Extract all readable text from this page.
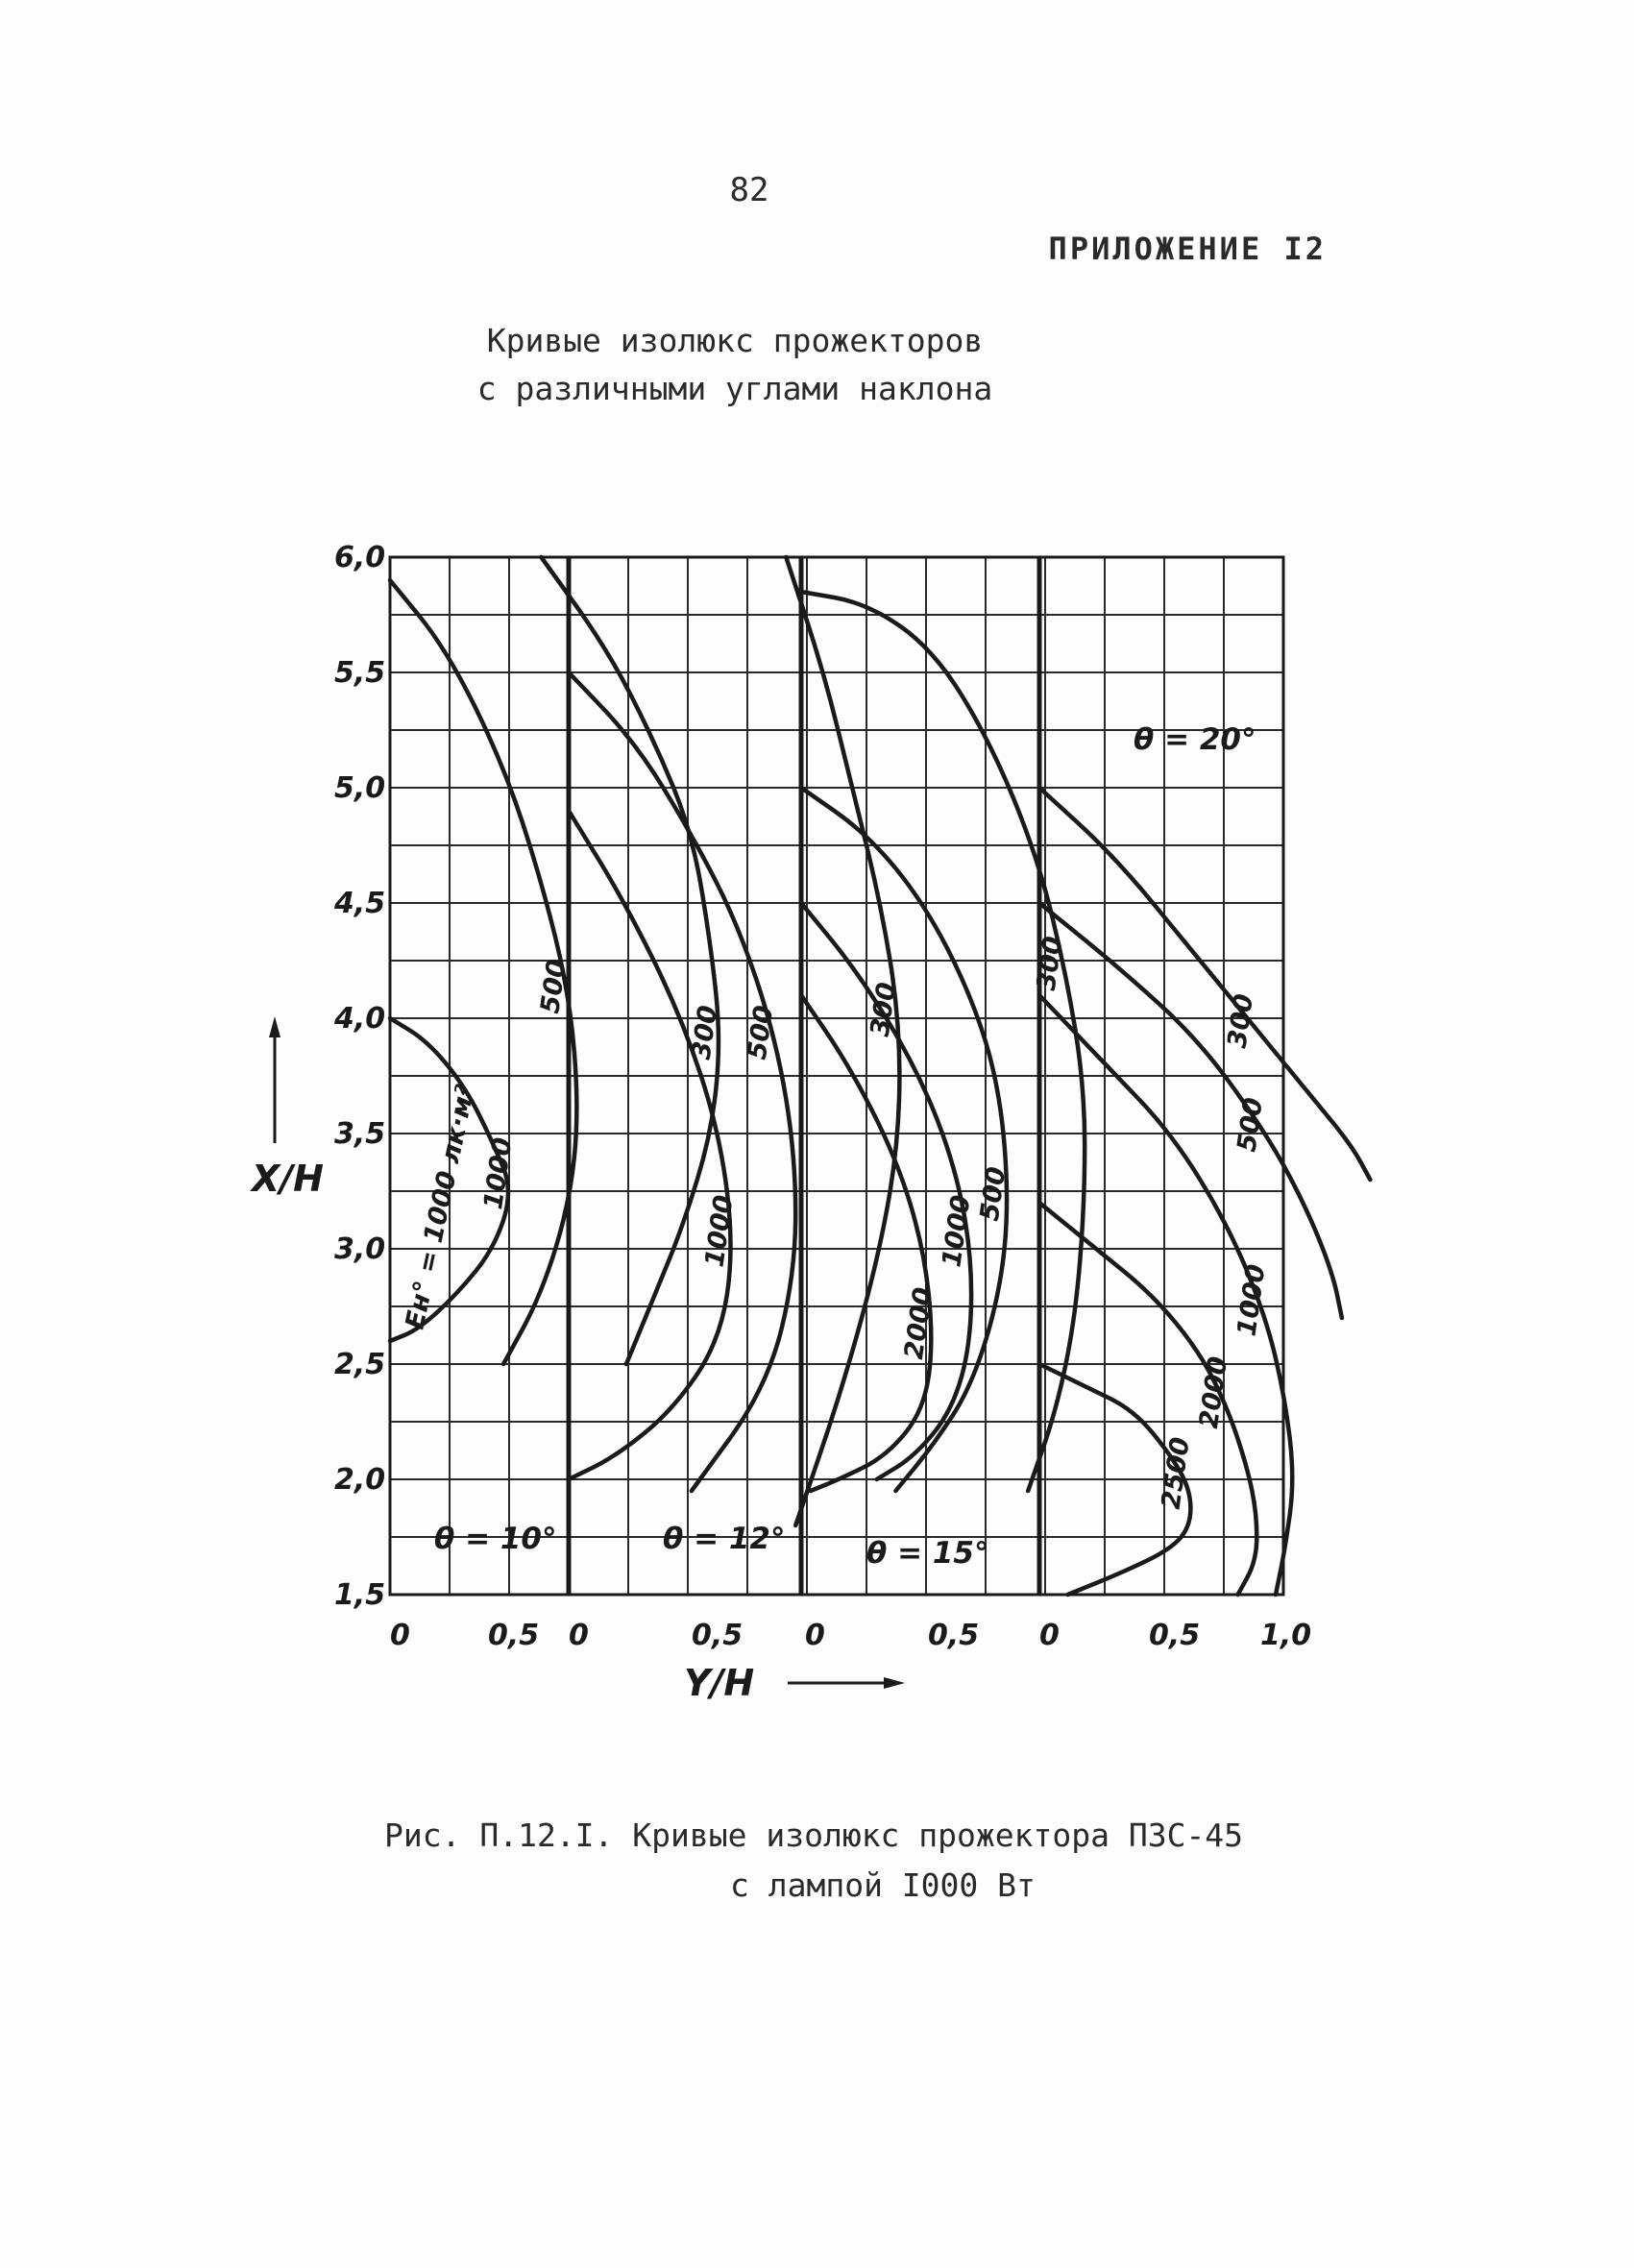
82
ПРИЛОЖЕНИЕ I2
Кривые изолюкс прожекторов
с различными углами наклона
1000
500
300
1000
500	300
2000
1000
500
300
2500
2000
1000
500
300
6,0
5,5
5,0
4,5
4,0
3,5
3,0
2,5
2,0
1,5
0	0,5 0	0,5 0	0,5 0	0,5 1,0
θ = 10°	θ = 12°	θ = 15°
θ = 20°
X/H
Y/H
Eн° = 1000 лк·м²
Рис. П.12.I. Кривые изолюкс прожектора ПЗС-45
с лампой I000 Вт
